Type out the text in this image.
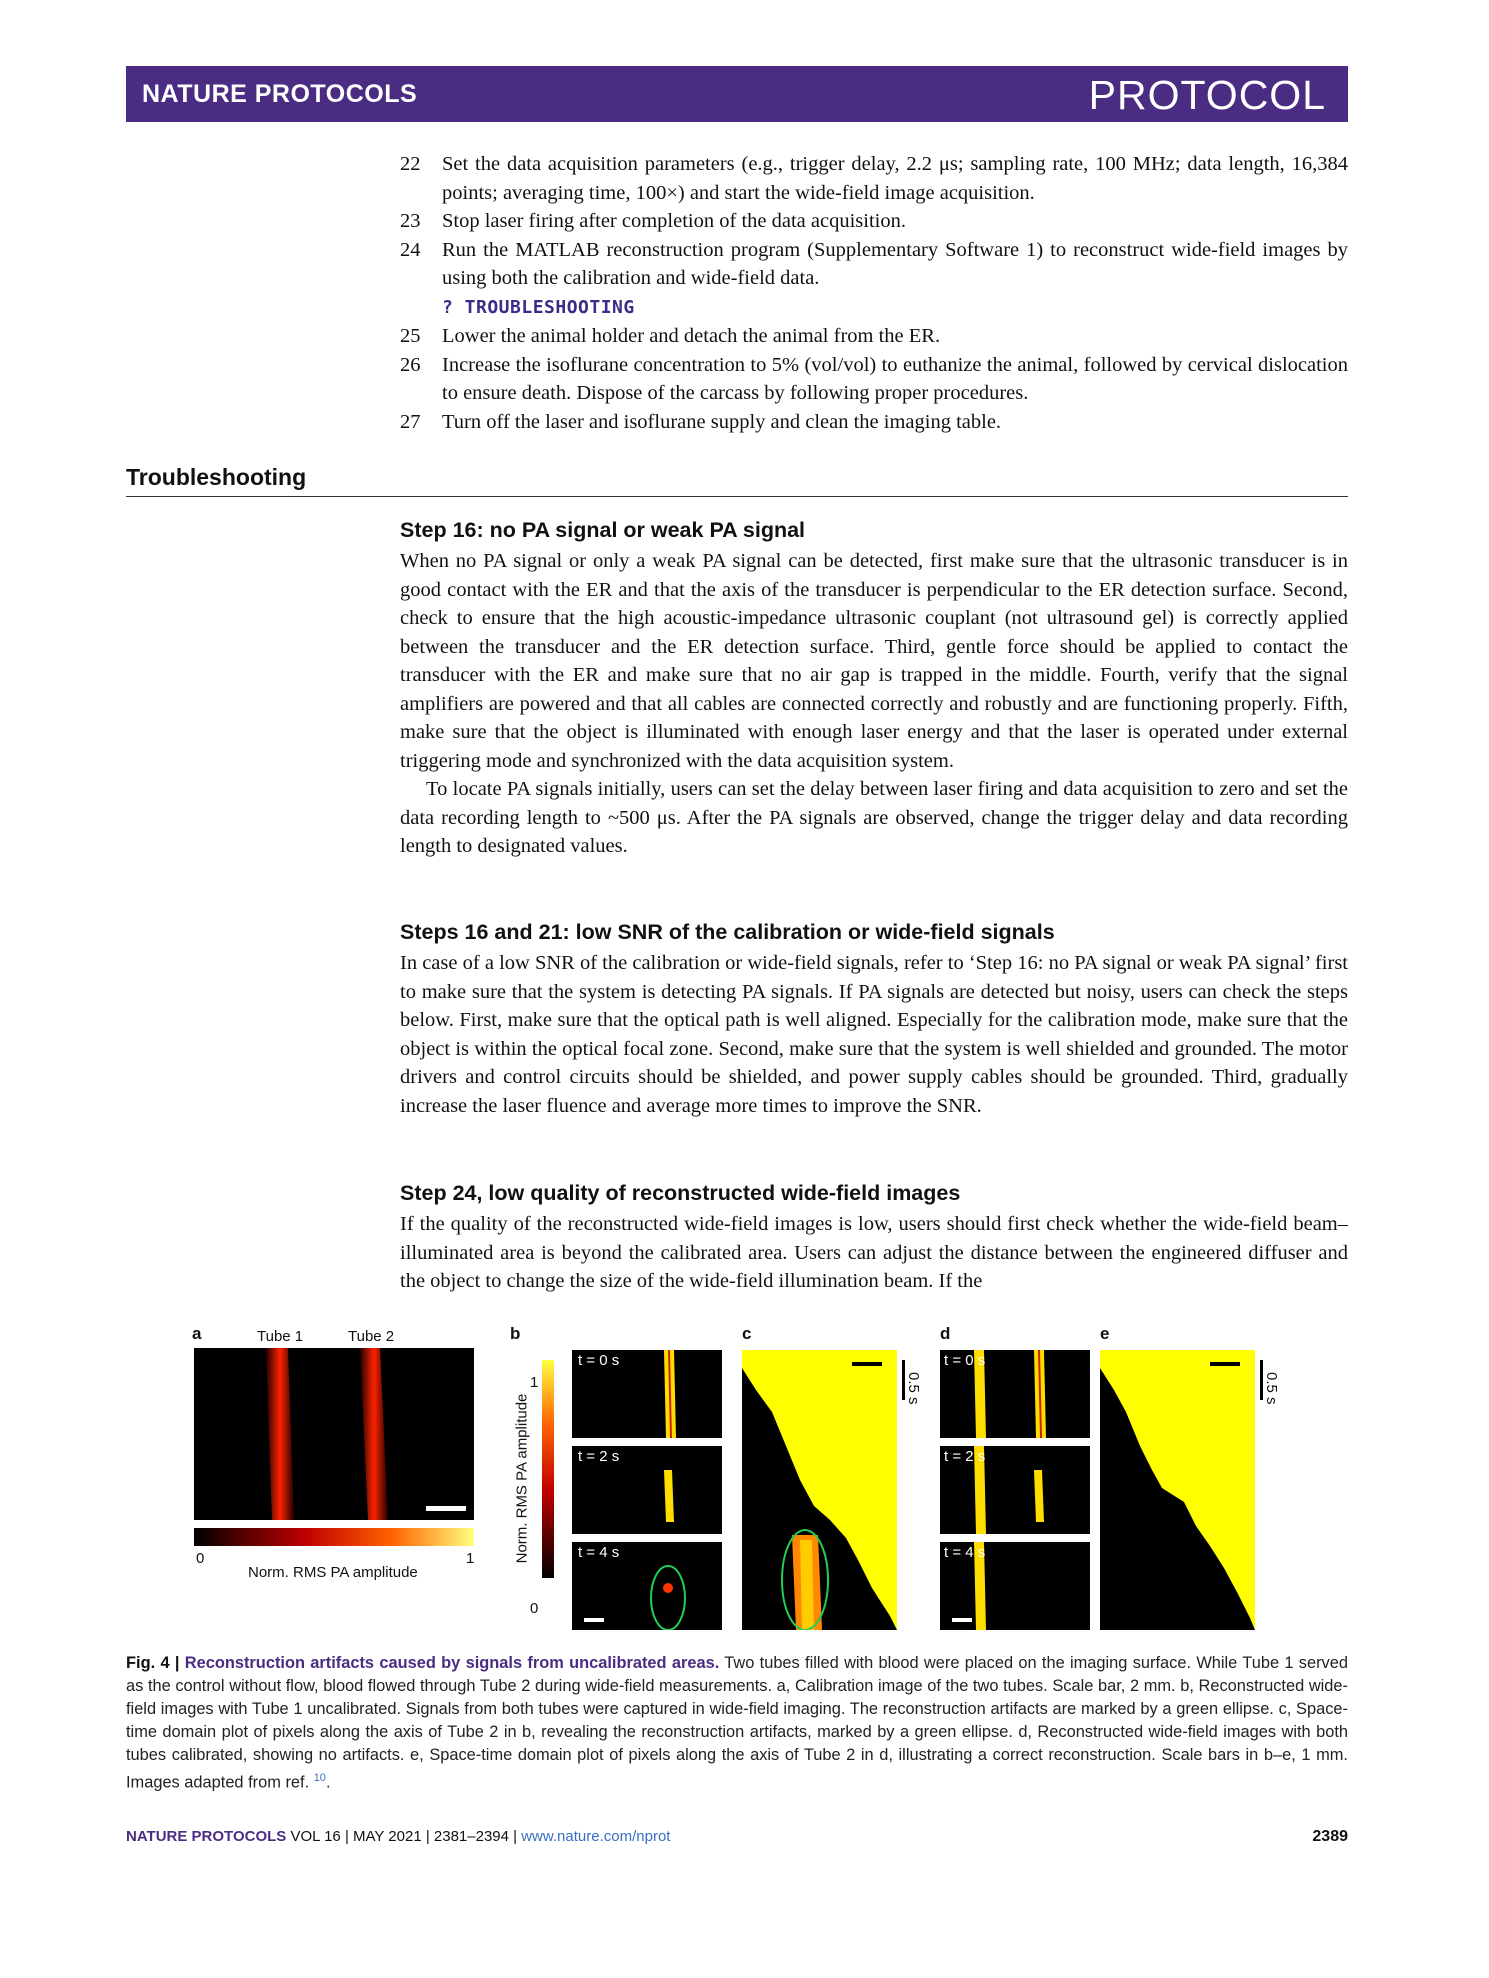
NATURE PROTOCOLS	PROTOCOL
22	Set the data acquisition parameters (e.g., trigger delay, 2.2 μs; sampling rate, 100 MHz; data length, 16,384 points; averaging time, 100×) and start the wide-field image acquisition.
23	Stop laser firing after completion of the data acquisition.
24	Run the MATLAB reconstruction program (Supplementary Software 1) to reconstruct wide-field images by using both the calibration and wide-field data.
? TROUBLESHOOTING
25	Lower the animal holder and detach the animal from the ER.
26	Increase the isoflurane concentration to 5% (vol/vol) to euthanize the animal, followed by cervical dislocation to ensure death. Dispose of the carcass by following proper procedures.
27	Turn off the laser and isoflurane supply and clean the imaging table.
Troubleshooting
Step 16: no PA signal or weak PA signal

When no PA signal or only a weak PA signal can be detected, first make sure that the ultrasonic transducer is in good contact with the ER and that the axis of the transducer is perpendicular to the ER detection surface. Second, check to ensure that the high acoustic-impedance ultrasonic couplant (not ultrasound gel) is correctly applied between the transducer and the ER detection surface. Third, gentle force should be applied to contact the transducer with the ER and make sure that no air gap is trapped in the middle. Fourth, verify that the signal amplifiers are powered and that all cables are connected correctly and robustly and are functioning properly. Fifth, make sure that the object is illuminated with enough laser energy and that the laser is operated under external triggering mode and synchronized with the data acquisition system.

To locate PA signals initially, users can set the delay between laser firing and data acquisition to zero and set the data recording length to ~500 μs. After the PA signals are observed, change the trigger delay and data recording length to designated values.

Steps 16 and 21: low SNR of the calibration or wide-field signals

In case of a low SNR of the calibration or wide-field signals, refer to ‘Step 16: no PA signal or weak PA signal’ first to make sure that the system is detecting PA signals. If PA signals are detected but noisy, users can check the steps below. First, make sure that the optical path is well aligned. Especially for the calibration mode, make sure that the object is within the optical focal zone. Second, make sure that the system is well shielded and grounded. The motor drivers and control circuits should be shielded, and power supply cables should be grounded. Third, gradually increase the laser fluence and average more times to improve the SNR.

Step 24, low quality of reconstructed wide-field images

If the quality of the reconstructed wide-field images is low, users should first check whether the wide-field beam–illuminated area is beyond the calibrated area. Users can adjust the distance between the engineered diffuser and the object to change the size of the wide-field illumination beam. If the

a	Tube 1	Tube 2
0	1
Norm. RMS PA amplitude
b
Norm. RMS PA amplitude
1
0
t = 0 s
t = 2 s
t = 4 s
c
0.5 s
d
t = 0 s
t = 2 s
t = 4 s
e
0.5 s
Fig. 4 | Reconstruction artifacts caused by signals from uncalibrated areas. Two tubes filled with blood were placed on the imaging surface. While Tube 1 served as the control without flow, blood flowed through Tube 2 during wide-field measurements. a, Calibration image of the two tubes. Scale bar, 2 mm. b, Reconstructed wide-field images with Tube 1 uncalibrated. Signals from both tubes were captured in wide-field imaging. The reconstruction artifacts are marked by a green ellipse. c, Space-time domain plot of pixels along the axis of Tube 2 in b, revealing the reconstruction artifacts, marked by a green ellipse. d, Reconstructed wide-field images with both tubes calibrated, showing no artifacts. e, Space-time domain plot of pixels along the axis of Tube 2 in d, illustrating a correct reconstruction. Scale bars in b–e, 1 mm. Images adapted from ref. $^{10}$.
NATURE PROTOCOLS VOL 16 | MAY 2021 | 2381–2394 | www.nature.com/nprot	2389
